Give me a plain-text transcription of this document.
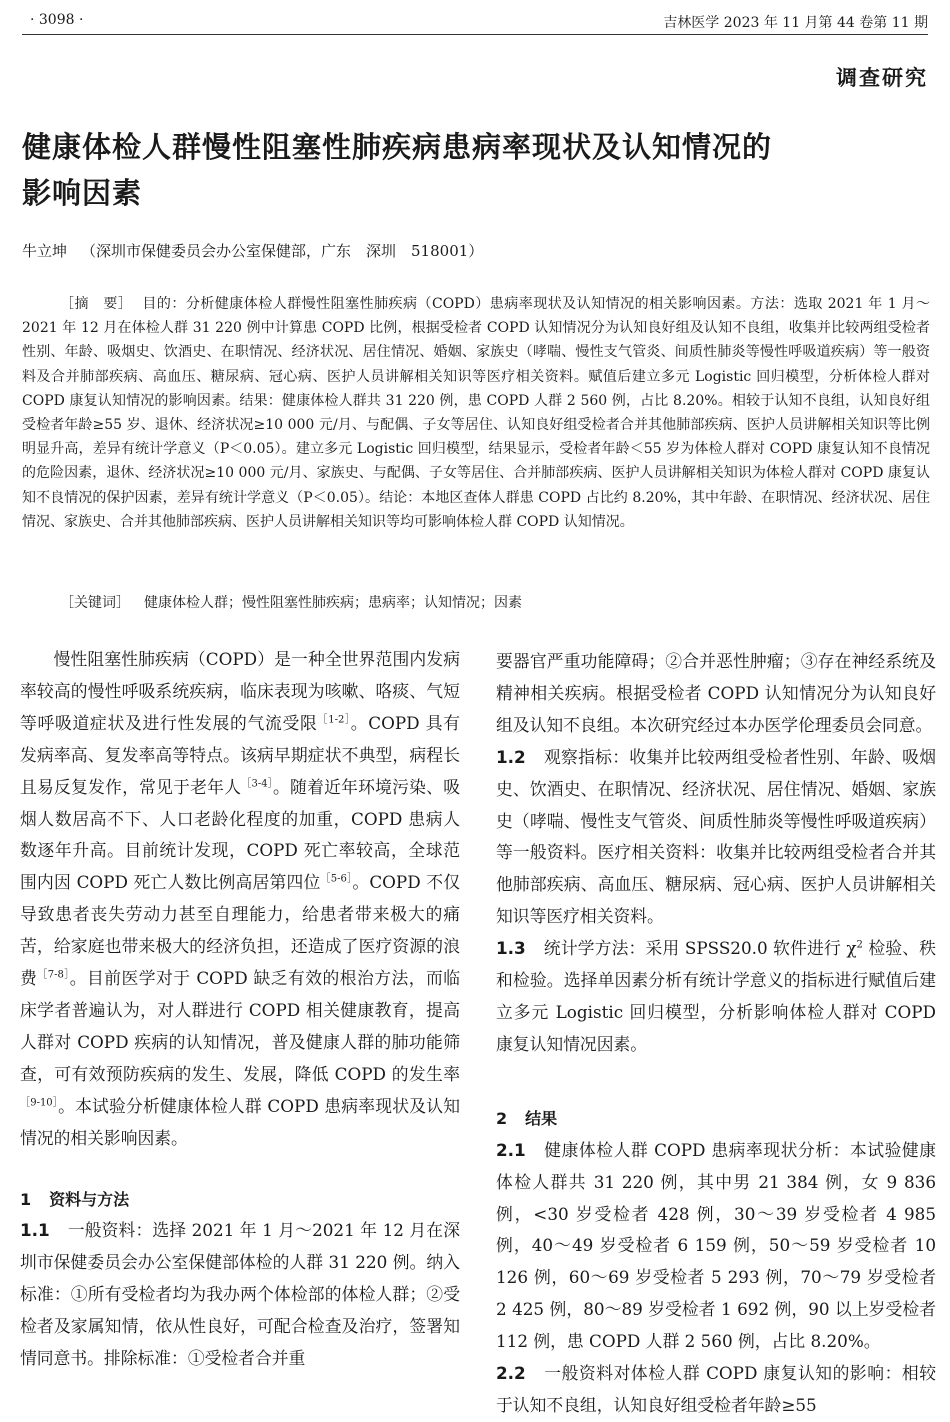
· 3098 ·	吉林医学 2023 年 11 月第 44 卷第 11 期
调查研究
健康体检人群慢性阻塞性肺疾病患病率现状及认知情况的
影响因素
牛立坤 （深圳市保健委员会办公室保健部，广东　深圳　518001）
［摘　要］ 目的：分析健康体检人群慢性阻塞性肺疾病（COPD）患病率现状及认知情况的相关影响因素。方法：选取 2021 年 1 月～2021 年 12 月在体检人群 31 220 例中计算患 COPD 比例，根据受检者 COPD 认知情况分为认知良好组及认知不良组，收集并比较两组受检者性别、年龄、吸烟史、饮酒史、在职情况、经济状况、居住情况、婚姻、家族史（哮喘、慢性支气管炎、间质性肺炎等慢性呼吸道疾病）等一般资料及合并肺部疾病、高血压、糖尿病、冠心病、医护人员讲解相关知识等医疗相关资料。赋值后建立多元 Logistic 回归模型，分析体检人群对 COPD 康复认知情况的影响因素。结果：健康体检人群共 31 220 例，患 COPD 人群 2 560 例，占比 8.20%。相较于认知不良组，认知良好组受检者年龄≥55 岁、退休、经济状况≥10 000 元/月、与配偶、子女等居住、认知良好组受检者合并其他肺部疾病、医护人员讲解相关知识等比例明显升高，差异有统计学意义（P＜0.05）。建立多元 Logistic 回归模型，结果显示，受检者年龄＜55 岁为体检人群对 COPD 康复认知不良情况的危险因素，退休、经济状况≥10 000 元/月、家族史、与配偶、子女等居住、合并肺部疾病、医护人员讲解相关知识为体检人群对 COPD 康复认知不良情况的保护因素，差异有统计学意义（P＜0.05）。结论：本地区查体人群患 COPD 占比约 8.20%，其中年龄、在职情况、经济状况、居住情况、家族史、合并其他肺部疾病、医护人员讲解相关知识等均可影响体检人群 COPD 认知情况。
［关键词］ 健康体检人群；慢性阻塞性肺疾病；患病率；认知情况；因素

慢性阻塞性肺疾病（COPD）是一种全世界范围内发病率较高的慢性呼吸系统疾病，临床表现为咳嗽、咯痰、气短等呼吸道症状及进行性发展的气流受限$^{[1-2]}$。COPD 具有发病率高、复发率高等特点。该病早期症状不典型，病程长且易反复发作，常见于老年人$^{[3-4]}$。随着近年环境污染、吸烟人数居高不下、人口老龄化程度的加重，COPD 患病人数逐年升高。目前统计发现，COPD 死亡率较高，全球范围内因 COPD 死亡人数比例高居第四位$^{[5-6]}$。COPD 不仅导致患者丧失劳动力甚至自理能力，给患者带来极大的痛苦，给家庭也带来极大的经济负担，还造成了医疗资源的浪费$^{[7-8]}$。目前医学对于 COPD 缺乏有效的根治方法，而临床学者普遍认为，对人群进行 COPD 相关健康教育，提高人群对 COPD 疾病的认知情况，普及健康人群的肺功能筛查，可有效预防疾病的发生、发展，降低 COPD 的发生率$^{[9-10]}$。本试验分析健康体检人群 COPD 患病率现状及认知情况的相关影响因素。

1 资料与方法

1.1 一般资料：选择 2021 年 1 月～2021 年 12 月在深圳市保健委员会办公室保健部体检的人群 31 220 例。纳入标准：①所有受检者均为我办两个体检部的体检人群；②受检者及家属知情，依从性良好，可配合检查及治疗，签署知情同意书。排除标准：①受检者合并重

要器官严重功能障碍；②合并恶性肿瘤；③存在神经系统及精神相关疾病。根据受检者 COPD 认知情况分为认知良好组及认知不良组。本次研究经过本办医学伦理委员会同意。

1.2 观察指标：收集并比较两组受检者性别、年龄、吸烟史、饮酒史、在职情况、经济状况、居住情况、婚姻、家族史（哮喘、慢性支气管炎、间质性肺炎等慢性呼吸道疾病）等一般资料。医疗相关资料：收集并比较两组受检者合并其他肺部疾病、高血压、糖尿病、冠心病、医护人员讲解相关知识等医疗相关资料。

1.3 统计学方法：采用 SPSS20.0 软件进行 $\chi^2$ 检验、秩和检验。选择单因素分析有统计学意义的指标进行赋值后建立多元 Logistic 回归模型，分析影响体检人群对 COPD 康复认知情况因素。

2 结果

2.1 健康体检人群 COPD 患病率现状分析：本试验健康体检人群共 31 220 例，其中男 21 384 例，女 9 836 例，<30 岁受检者 428 例，30～39 岁受检者 4 985 例，40～49 岁受检者 6 159 例，50～59 岁受检者 10 126 例，60～69 岁受检者 5 293 例，70～79 岁受检者 2 425 例，80～89 岁受检者 1 692 例，90 以上岁受检者 112 例，患 COPD 人群 2 560 例，占比 8.20%。

2.2 一般资料对体检人群 COPD 康复认知的影响：相较于认知不良组，认知良好组受检者年龄≥55
